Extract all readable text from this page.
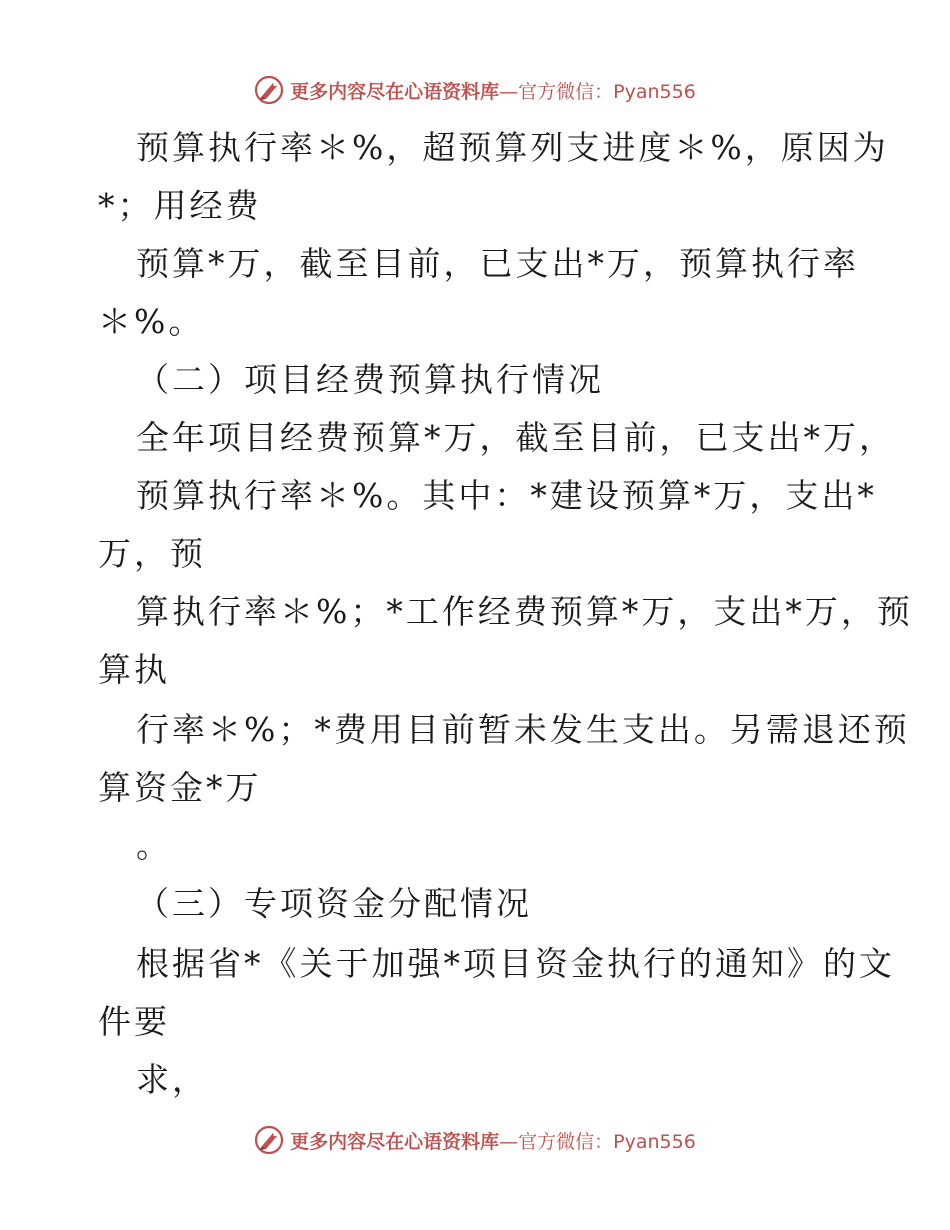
更多内容尽在心语资料库—官方微信：Pyan556
预算执行率＊%，超预算列支进度＊%，原因为
*；用经费
预算*万，截至目前，已支出*万，预算执行率
＊%。
（二）项目经费预算执行情况
全年项目经费预算*万，截至目前，已支出*万，
预算执行率＊%。其中：*建设预算*万，支出*
万，预
算执行率＊%；*工作经费预算*万，支出*万，预
算执
行率＊%；*费用目前暂未发生支出。另需退还预
算资金*万
。
（三）专项资金分配情况
根据省*《关于加强*项目资金执行的通知》的文
件要
求，
更多内容尽在心语资料库—官方微信：Pyan556
